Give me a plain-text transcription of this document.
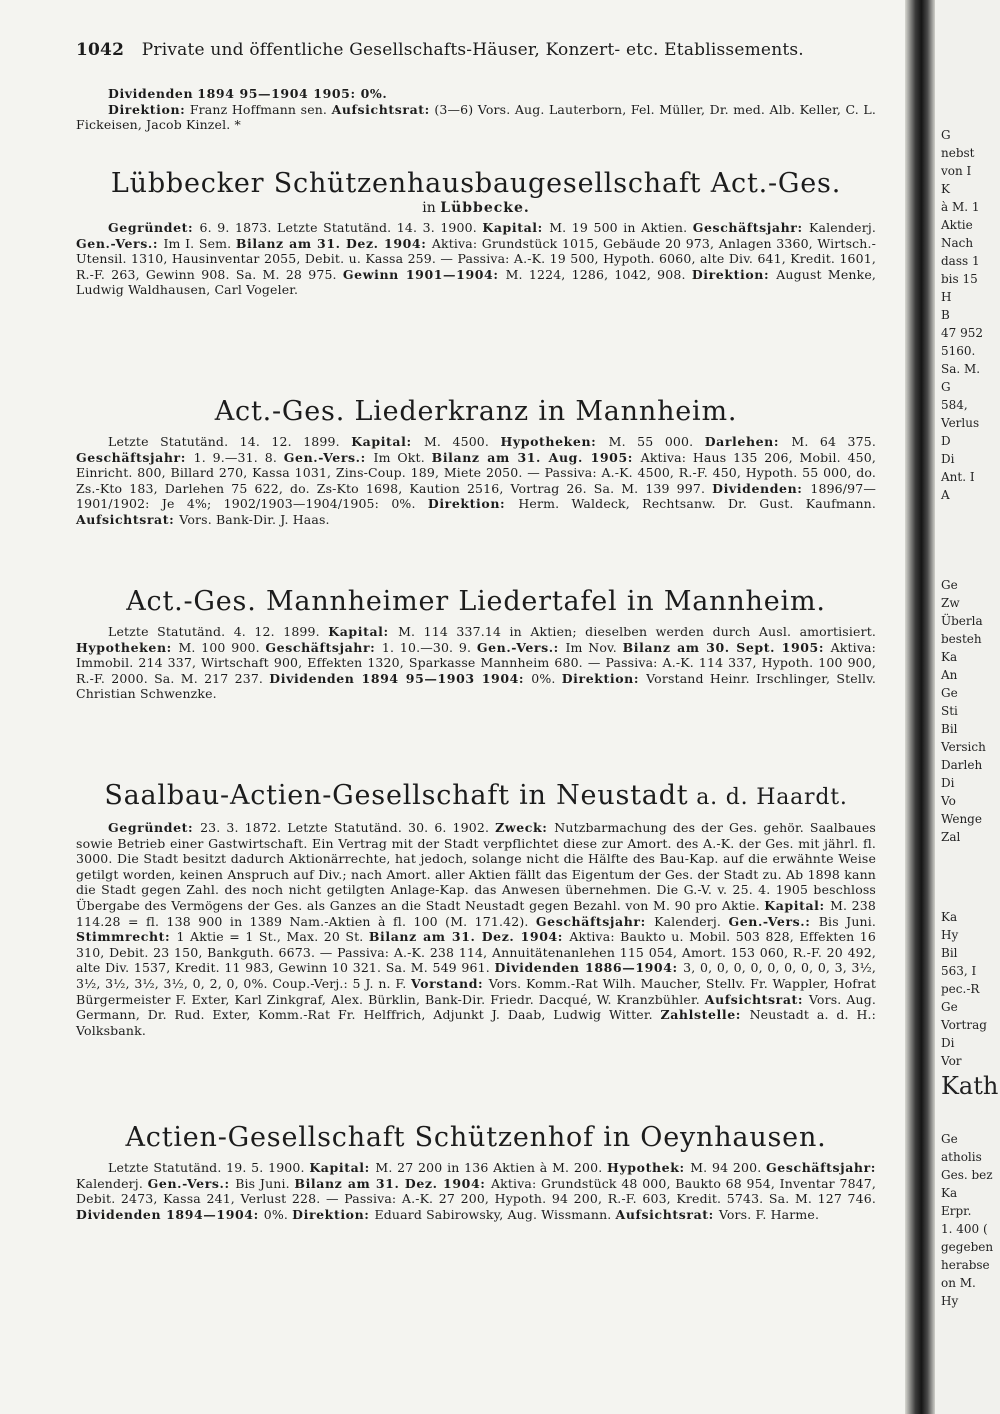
1042 Private und öffentliche Gesellschafts-Häuser, Konzert- etc. Etablissements.

Dividenden 1894 95—1904 1905: 0%.

Direktion: Franz Hoffmann sen. Aufsichtsrat: (3—6) Vors. Aug. Lauterborn, Fel. Müller, Dr. med. Alb. Keller, C. L. Fickeisen, Jacob Kinzel. *

Lübbecker Schützenhausbaugesellschaft Act.-Ges.

in Lübbecke.

Gegründet: 6. 9. 1873. Letzte Statutänd. 14. 3. 1900. Kapital: M. 19 500 in Aktien. Geschäftsjahr: Kalenderj. Gen.-Vers.: Im I. Sem. Bilanz am 31. Dez. 1904: Aktiva: Grundstück 1015, Gebäude 20 973, Anlagen 3360, Wirtsch.-Utensil. 1310, Hausinventar 2055, Debit. u. Kassa 259. — Passiva: A.-K. 19 500, Hypoth. 6060, alte Div. 641, Kredit. 1601, R.-F. 263, Gewinn 908. Sa. M. 28 975. Gewinn 1901—1904: M. 1224, 1286, 1042, 908. Direktion: August Menke, Ludwig Waldhausen, Carl Vogeler.

Act.-Ges. Liederkranz in Mannheim.

Letzte Statutänd. 14. 12. 1899. Kapital: M. 4500. Hypotheken: M. 55 000. Darlehen: M. 64 375. Geschäftsjahr: 1. 9.—31. 8. Gen.-Vers.: Im Okt. Bilanz am 31. Aug. 1905: Aktiva: Haus 135 206, Mobil. 450, Einricht. 800, Billard 270, Kassa 1031, Zins-Coup. 189, Miete 2050. — Passiva: A.-K. 4500, R.-F. 450, Hypoth. 55 000, do. Zs.-Kto 183, Darlehen 75 622, do. Zs-Kto 1698, Kaution 2516, Vortrag 26. Sa. M. 139 997. Dividenden: 1896/97—1901/1902: Je 4%; 1902/1903—1904/1905: 0%. Direktion: Herm. Waldeck, Rechtsanw. Dr. Gust. Kaufmann. Aufsichtsrat: Vors. Bank-Dir. J. Haas.

Act.-Ges. Mannheimer Liedertafel in Mannheim.

Letzte Statutänd. 4. 12. 1899. Kapital: M. 114 337.14 in Aktien; dieselben werden durch Ausl. amortisiert. Hypotheken: M. 100 900. Geschäftsjahr: 1. 10.—30. 9. Gen.-Vers.: Im Nov. Bilanz am 30. Sept. 1905: Aktiva: Immobil. 214 337, Wirtschaft 900, Effekten 1320, Sparkasse Mannheim 680. — Passiva: A.-K. 114 337, Hypoth. 100 900, R.-F. 2000. Sa. M. 217 237. Dividenden 1894 95—1903 1904: 0%. Direktion: Vorstand Heinr. Irschlinger, Stellv. Christian Schwenzke.

Saalbau-Actien-Gesellschaft in Neustadt a. d. Haardt.

Gegründet: 23. 3. 1872. Letzte Statutänd. 30. 6. 1902. Zweck: Nutzbarmachung des der Ges. gehör. Saalbaues sowie Betrieb einer Gastwirtschaft. Ein Vertrag mit der Stadt verpflichtet diese zur Amort. des A.-K. der Ges. mit jährl. fl. 3000. Die Stadt besitzt dadurch Aktionärrechte, hat jedoch, solange nicht die Hälfte des Bau-Kap. auf die erwähnte Weise getilgt worden, keinen Anspruch auf Div.; nach Amort. aller Aktien fällt das Eigentum der Ges. der Stadt zu. Ab 1898 kann die Stadt gegen Zahl. des noch nicht getilgten Anlage-Kap. das Anwesen übernehmen. Die G.-V. v. 25. 4. 1905 beschloss Übergabe des Vermögens der Ges. als Ganzes an die Stadt Neustadt gegen Bezahl. von M. 90 pro Aktie. Kapital: M. 238 114.28 = fl. 138 900 in 1389 Nam.-Aktien à fl. 100 (M. 171.42). Geschäftsjahr: Kalenderj. Gen.-Vers.: Bis Juni. Stimmrecht: 1 Aktie = 1 St., Max. 20 St. Bilanz am 31. Dez. 1904: Aktiva: Baukto u. Mobil. 503 828, Effekten 16 310, Debit. 23 150, Bankguth. 6673. — Passiva: A.-K. 238 114, Annuitätenanlehen 115 054, Amort. 153 060, R.-F. 20 492, alte Div. 1537, Kredit. 11 983, Gewinn 10 321. Sa. M. 549 961. Dividenden 1886—1904: 3, 0, 0, 0, 0, 0, 0, 0, 0, 3, 3½, 3½, 3½, 3½, 3½, 0, 2, 0, 0%. Coup.-Verj.: 5 J. n. F. Vorstand: Vors. Komm.-Rat Wilh. Maucher, Stellv. Fr. Wappler, Hofrat Bürgermeister F. Exter, Karl Zinkgraf, Alex. Bürklin, Bank-Dir. Friedr. Dacqué, W. Kranzbühler. Aufsichtsrat: Vors. Aug. Germann, Dr. Rud. Exter, Komm.-Rat Fr. Helffrich, Adjunkt J. Daab, Ludwig Witter. Zahlstelle: Neustadt a. d. H.: Volksbank.

Actien-Gesellschaft Schützenhof in Oeynhausen.

Letzte Statutänd. 19. 5. 1900. Kapital: M. 27 200 in 136 Aktien à M. 200. Hypothek: M. 94 200. Geschäftsjahr: Kalenderj. Gen.-Vers.: Bis Juni. Bilanz am 31. Dez. 1904: Aktiva: Grundstück 48 000, Baukto 68 954, Inventar 7847, Debit. 2473, Kassa 241, Verlust 228. — Passiva: A.-K. 27 200, Hypoth. 94 200, R.-F. 603, Kredit. 5743. Sa. M. 127 746. Dividenden 1894—1904: 0%. Direktion: Eduard Sabirowsky, Aug. Wissmann. Aufsichtsrat: Vors. F. Harme.

G
nebst
von I
K
à M. 1
Aktie
Nach
dass 1
bis 15
H
B
47 952
5160.
Sa. M.
G
584,
Verlus
D
Di
Ant. I
A
Ge
Zw
Überla
besteh
Ka
An
Ge
Sti
Bil
Versich
Darleh
Di
Vo
Wenge
Zal
Ka
Hy
Bil
563, I
pec.-R
Ge
Vortrag
Di
Vor
Kath
Ge
atholis
Ges. bez
Ka
Erpr.
1. 400 (
gegeben
herabse
on M.
Hy
